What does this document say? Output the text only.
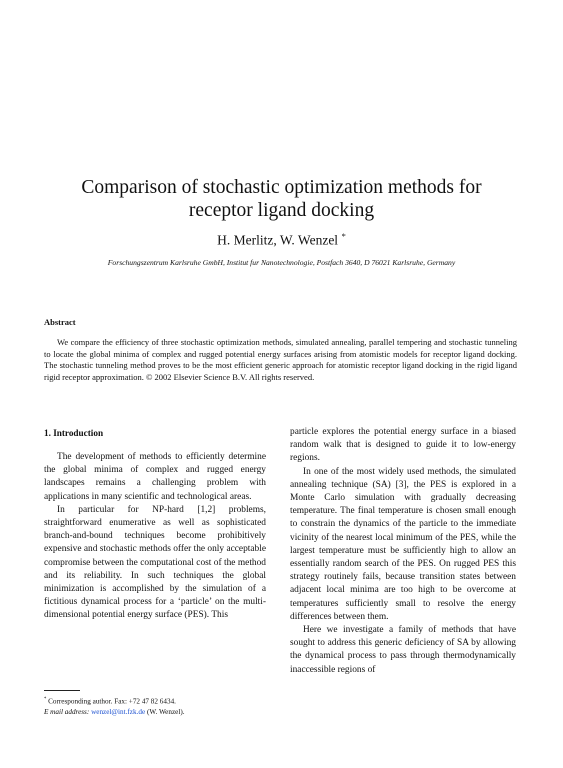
Comparison of stochastic optimization methods for
receptor ligand docking
H. Merlitz, W. Wenzel *
Forschungszentrum Karlsruhe GmbH, Institut fur Nanotechnologie, Postfach 3640, D 76021 Karlsruhe, Germany
Abstract
We compare the efficiency of three stochastic optimization methods, simulated annealing, parallel tempering and stochastic tunneling to locate the global minima of complex and rugged potential energy surfaces arising from atomistic models for receptor ligand docking. The stochastic tunneling method proves to be the most efficient generic approach for atomistic receptor ligand docking in the rigid ligand rigid receptor approximation. © 2002 Elsevier Science B.V. All rights reserved.
1. Introduction

The development of methods to efficiently determine the global minima of complex and rugged energy landscapes remains a challenging problem with applications in many scientific and technological areas.

In particular for NP-hard [1,2] problems, straightforward enumerative as well as sophisticated branch-and-bound techniques become prohibitively expensive and stochastic methods offer the only acceptable compromise between the computational cost of the method and its reliability. In such techniques the global minimization is accomplished by the simulation of a fictitious dynamical process for a ‘particle’ on the multi-dimensional potential energy surface (PES). This

particle explores the potential energy surface in a biased random walk that is designed to guide it to low-energy regions.

In one of the most widely used methods, the simulated annealing technique (SA) [3], the PES is explored in a Monte Carlo simulation with gradually decreasing temperature. The final temperature is chosen small enough to constrain the dynamics of the particle to the immediate vicinity of the nearest local minimum of the PES, while the largest temperature must be sufficiently high to allow an essentially random search of the PES. On rugged PES this strategy routinely fails, because transition states between adjacent local minima are too high to be overcome at temperatures sufficiently small to resolve the energy differences between them.

Here we investigate a family of methods that have sought to address this generic deficiency of SA by allowing the dynamical process to pass through thermodynamically inaccessible regions of

* Corresponding author. Fax: +72 47 82 6434.
E mail address: wenzel@int.fzk.de (W. Wenzel).
